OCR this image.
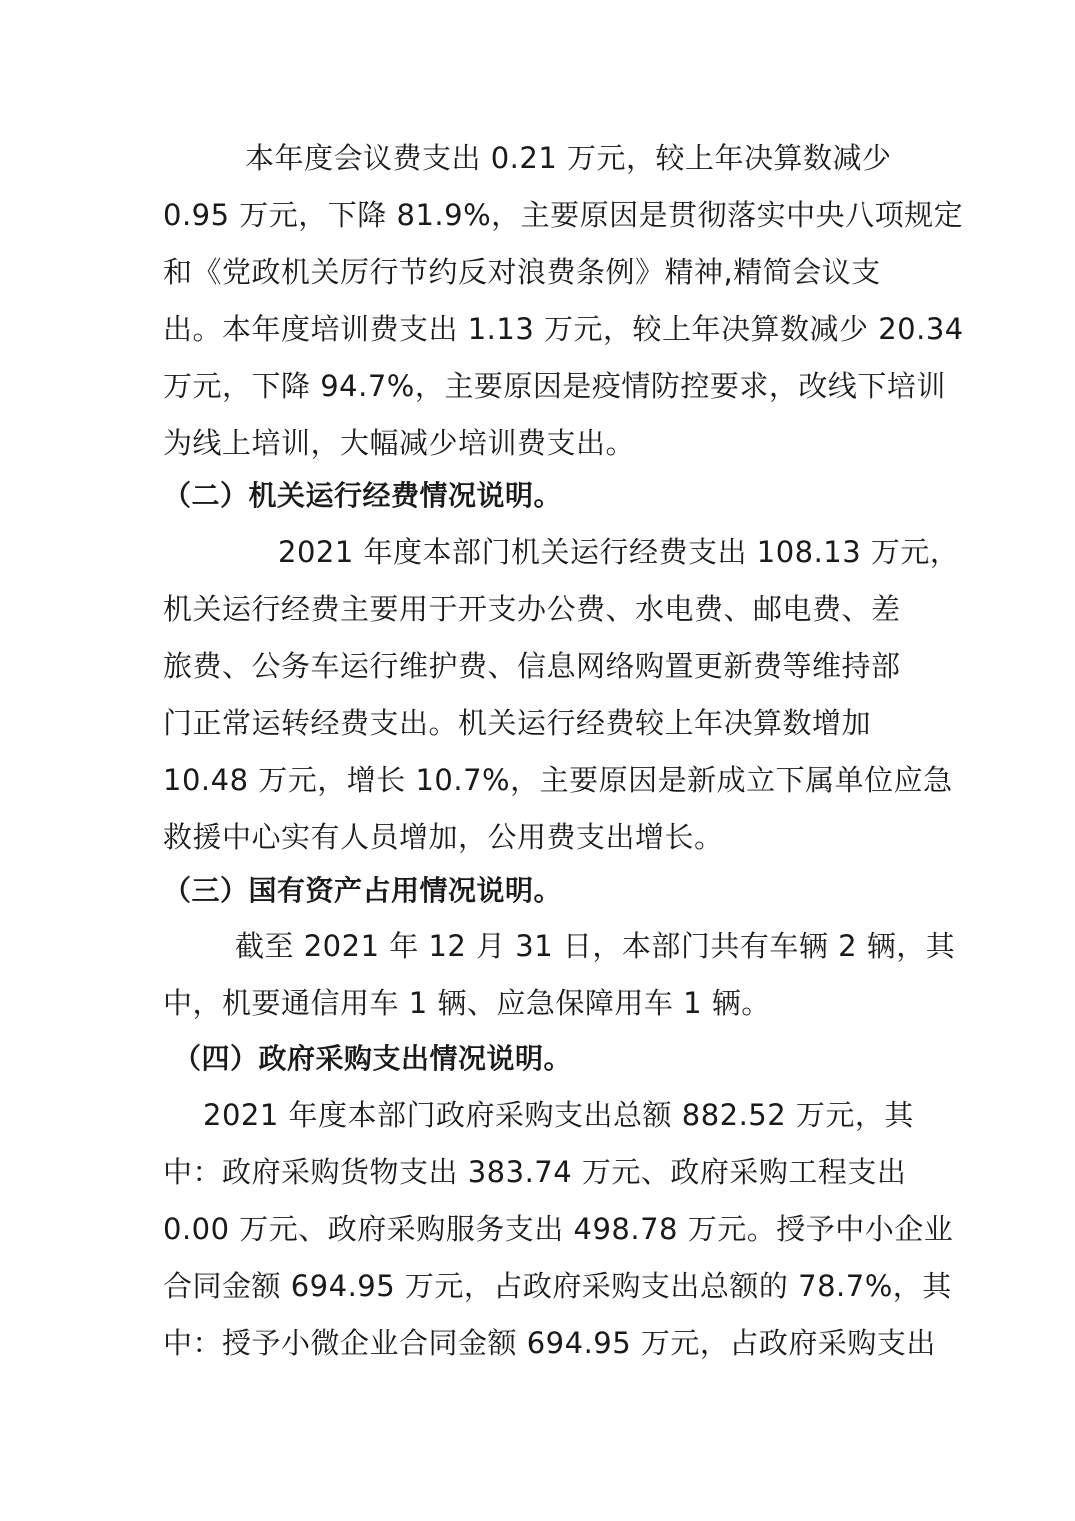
本年度会议费支出 0.21 万元，较上年决算数减少
0.95 万元，下降 81.9%，主要原因是贯彻落实中央八项规定
和《党政机关厉行节约反对浪费条例》精神,精简会议支
出。本年度培训费支出 1.13 万元，较上年决算数减少 20.34
万元，下降 94.7%，主要原因是疫情防控要求，改线下培训
为线上培训，大幅减少培训费支出。
（二）机关运行经费情况说明。
2021 年度本部门机关运行经费支出 108.13 万元，
机关运行经费主要用于开支办公费、水电费、邮电费、差
旅费、公务车运行维护费、信息网络购置更新费等维持部
门正常运转经费支出。机关运行经费较上年决算数增加
10.48 万元，增长 10.7%，主要原因是新成立下属单位应急
救援中心实有人员增加，公用费支出增长。
（三）国有资产占用情况说明。
截至 2021 年 12 月 31 日，本部门共有车辆 2 辆，其
中，机要通信用车 1 辆、应急保障用车 1 辆。
（四）政府采购支出情况说明。
2021 年度本部门政府采购支出总额 882.52 万元，其
中：政府采购货物支出 383.74 万元、政府采购工程支出
0.00 万元、政府采购服务支出 498.78 万元。授予中小企业
合同金额 694.95 万元，占政府采购支出总额的 78.7%，其
中：授予小微企业合同金额 694.95 万元，占政府采购支出
